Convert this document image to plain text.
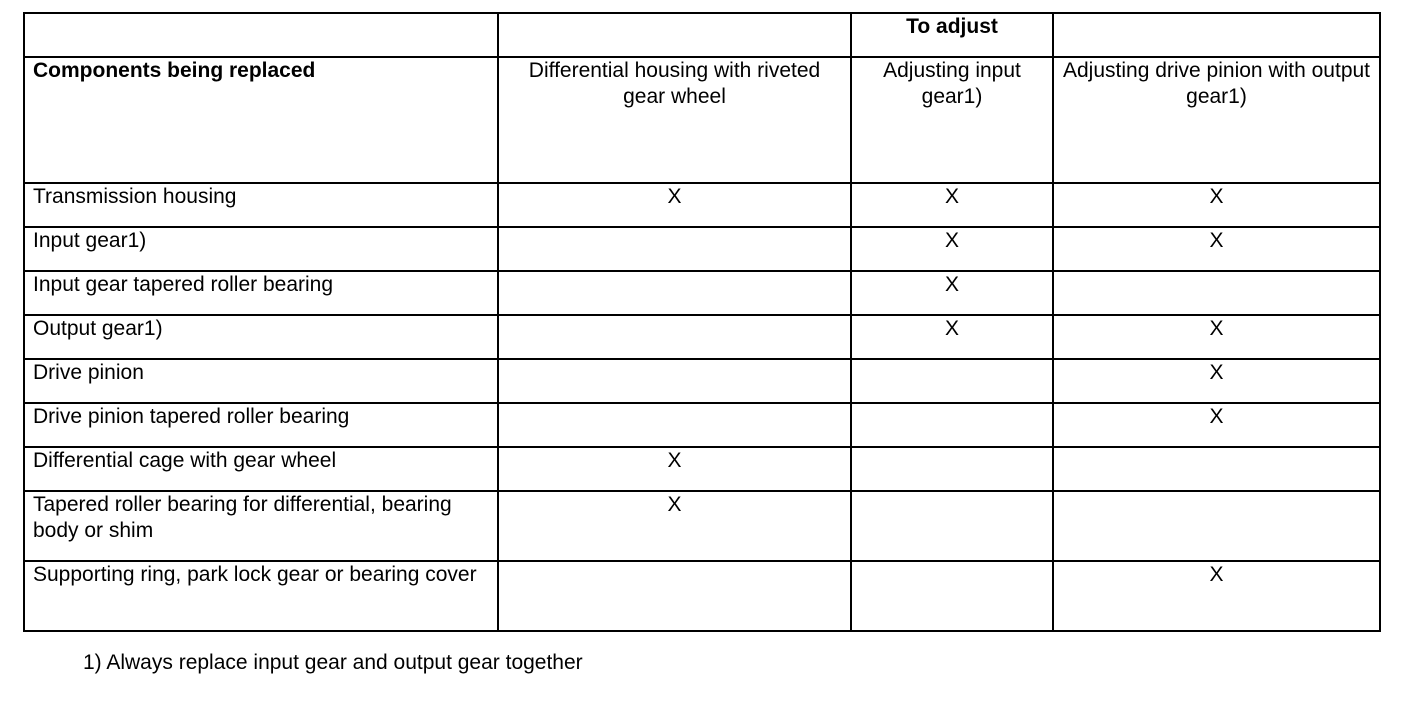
		To adjust	
Components being replaced	Differential housing with riveted gear wheel	Adjusting input gear1)	Adjusting drive pinion with output gear1)
Transmission housing	X	X	X
Input gear1)		X	X
Input gear tapered roller bearing		X	
Output gear1)		X	X
Drive pinion			X
Drive pinion tapered roller bearing			X
Differential cage with gear wheel	X		
Tapered roller bearing for differential, bearing body or shim	X		
Supporting ring, park lock gear or bearing cover			X
1) Always replace input gear and output gear together
